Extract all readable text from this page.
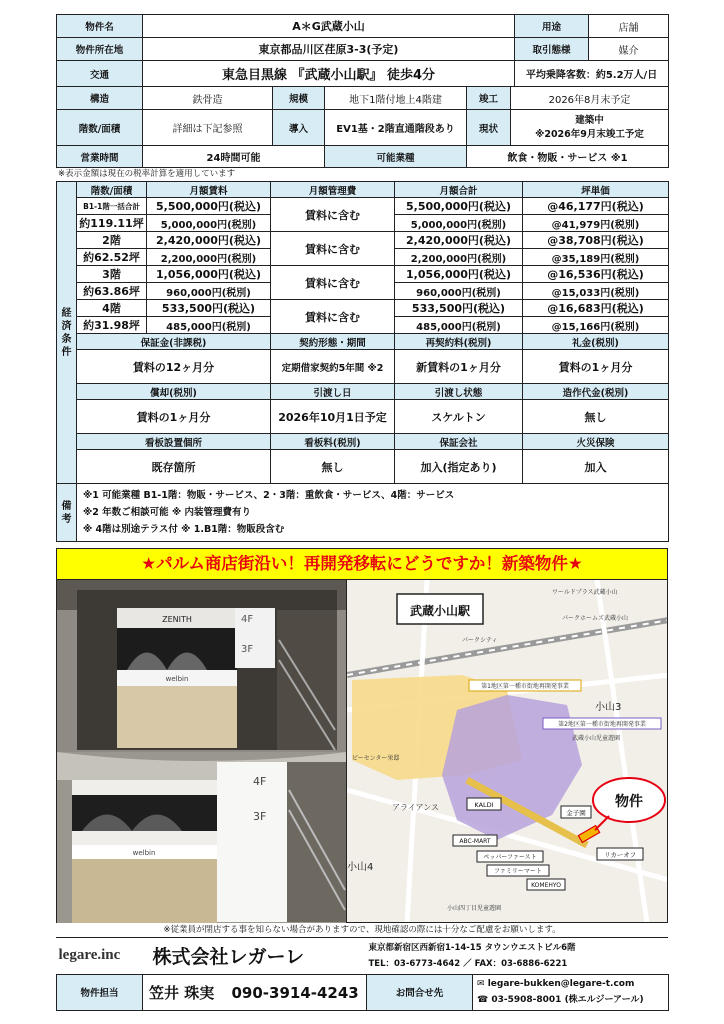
物件名	A＊G武蔵小山	用途	店舗
物件所在地	東京都品川区荏原3-3(予定)	取引態様	媒介
交通	東急目黒線 『武蔵小山駅』 徒歩4分	平均乗降客数：約5.2万人/日	
構造	鉄骨造	規模	地下1階付地上4階建	竣工	2026年8月末予定
階数/面積	詳細は下記参照	導入	EV1基・2階直通階段あり	現状	建築中
※2026年9月末竣工予定

営業時間	24時間可能		可能業種	飲食・物販・サービス ※1	
※表示金額は現在の税率計算を適用しています
経済条件	階数/面積	月額賃料	月額管理費	月額合計	坪単価
	B1-1階一括合計	5,500,000円(税込)	賃料に含む	5,500,000円(税込)	@46,177円(税込)
	約119.11坪	5,000,000円(税別)		5,000,000円(税別)	@41,979円(税別)
	2階	2,420,000円(税込)	賃料に含む	2,420,000円(税込)	@38,708円(税込)
	約62.52坪	2,200,000円(税別)		2,200,000円(税別)	@35,189円(税別)
	3階	1,056,000円(税込)	賃料に含む	1,056,000円(税込)	@16,536円(税込)
	約63.86坪	960,000円(税別)		960,000円(税別)	@15,033円(税別)
	4階	533,500円(税込)	賃料に含む	533,500円(税込)	@16,683円(税込)
	約31.98坪	485,000円(税別)		485,000円(税別)	@15,166円(税別)
	保証金(非課税)		契約形態・期間	再契約料(税別)	礼金(税別)
	賃料の12ヶ月分		定期借家契約5年間 ※2	新賃料の1ヶ月分	賃料の1ヶ月分
	償却(税別)		引渡し日	引渡し状態	造作代金(税別)
	賃料の1ヶ月分		2026年10月1日予定	スケルトン	無し
	看板設置個所		看板料(税別)	保証会社	火災保険
	既存箇所		無し	加入(指定あり)	加入
備考	
※1 可能業種 B1-1階：物販・サービス、2・3階：重飲食・サービス、4階：サービス
※2 年数ご相談可能 ※ 内装管理費有り
※ 4階は別途テラス付 ※ 1.B1階：物販段含む
★パルム商店街沿い！再開発移転にどうですか！新築物件★
ZENITH	4F
3F
welbin
4F
3F
welbin
武蔵小山駅
ワールドプラス武蔵小山
パークホームズ武蔵小山
パークシティ
第1地区第一種市街地再開発事業
第2地区第一種市街地再開発事業
小山3
武蔵小山児童遊園
ビーセンター栄邸
アライアンス
小山4
KALDI
金子園
ABC-MART
ペッパーファースト
ファミリーマート
KOMEHYO
リカーオフ
物件
小山四丁目児童遊園
※従業員が閉店する事を知らない場合がありますので、現地確認の際には十分なご配慮をお願いします。
legare.inc	株式会社レガーレ	東京都新宿区西新宿1-14-15 タウンウエストビル6階
TEL：03-6773-4642 ／ FAX：03-6886-6221	

物件担当	笠井 珠実 090-3914-4243	お問合せ先	✉ legare-bukken@legare-t.com
☎ 03-5908-8001 (株エルジーアール)
